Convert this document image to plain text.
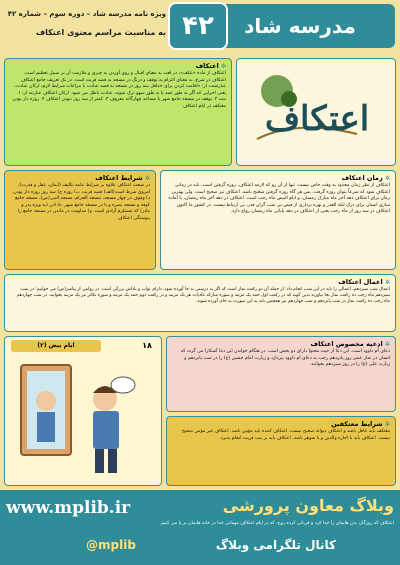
مدرسه شاد
۴۲
ویژه نامه مدرسه شاد – دوره سوم – شماره ۴۲
به مناسبت مراسم معنوی اعتکاف
✲ اعتکاف
اعتکاف از ماده «عکف»، در لغت به معنای اقبال و روی آوردن به چیزی و ملازمت آن بر سبیل تعظیم است. اعتکاف در شرع، به معنای التزام به توقف و درنگ در مسجد به قصد قربت است. در یک تعریف جامع اعتکاف عبارتست از: «اقامت کردن برای حداقل سه روز در مسجد به قصد عبادت با مراعات شرایط لازم، ارکان عبادت، یعنی اجزایی که اگر به طور عمد یا به طور سهو ترک شوند، عبادت باطل می شود. ارکان اعتکاف عبارتند از: ۱. نیت ۲. توقف در مسجد جامع شهر یا مساجد چهارگانه معروف ۳. کمتر از سه روز نبودن اعتکاف ۴. روزه دار بودن معتکف در ایام اعتکاف	اعتکاف
✲ زمان اعتکاف
اعتکاف از نظر زمان محدود به وقت خاص نیست. تنها از آن رو که لازمه اعتکاف، روزه گرفتن است، باید در زمانی اعتکاف شود که شرعاً بتوان روزه گرفت. پس هر گاه روزه گرفتن صحیح باشد، اعتکاف نیز صحیح است. ولی بهترین زمان برای اعتکاف دهه آخر ماه مبارک رمضان، و ایام البیض ماه رجب است. اعتکاف در دهه آخر ماه رمضان، با آماده سازی انسان برای درک لیلة القدر و بهره برداری از فیض بی شب گران قدر، بی ارتباط نیست. در کشور ما اکنون اعتکاف در سه روز از ماه رجب یعنی از اعتکاف در دهه پایانی ماه رمضان رواج دارد.
✲ شرایط اعتکاف
در صحت اعتکاف علاوه بر شرایط عامه تکلیف (ایمان، عقل و قدرت)، امروی شرط است(الف) قصد قربت ب) روزه ج) سه روز روزه دار بودن. د) وقوف در چهار مسجد، مسجد الحرام، مسجد النبی(ص)، مسجد جامع کوفه و مسجد بصره و یا در مسجد جامع شهر. ه) اذن (به ویژه پدر و مادر) که مستلزم آزادی است. و) مداومت در ماندن در مسجد جامع ز) پیوستگی اعتکاف
✲ اعمال اعتکاف
اعمال شب سیزدهم، اعمالی را باید در این شب انجام داد: از جمله آن دو رکعت نماز است که اگر به درستی به جا آورده شود، دارای ثواب و پاداش بزرگی است. در روایتی از پیامبر(ص) می خوانیم: در شب سیزدهم ماه رجب ده رکعت نماز بجا بیاورید بدین گونه که در رکعت اول حمد یک مرتبه و سوره مبارکه عادیات هر یک مرتبه و در رکعت دوم حمد یک مرتبه و سوره تکاثر نیز یک مرتبه بخوانید. در شب چهاردهم ماه رجب ده رکعت نماز در شب پانزدهم و شب چهاردهم نیز همچنین باید به این صورت به جای آورده شوند.
ایام بیض (۲)	۱۸	✲ ادعیه مخصوص اعتکاف
دعای أُم داوود است. این دعا از حیث محتوا دارای دو بخش است. در هنگام خواندن این دعا آشکارا می گردد که انسان در نماز عصر روز پانزدهم رجب به دعای ام داوود بپردازد و زیارت امام حسین (ع) را در شب پانزدهم و زیارت علی (ع) را در روز سیزدهم بخوانند.
✲ شرایط معتکفین
معتکف باید عاقل باشد و اعتکاف دیوانه صحیح نیست. اعتکاف کننده باید مؤمن باشد. اعتکاف غیر مؤمن صحیح نیست. اعتکاف باید با اجازه والدین و یا شوهر باشد. اعتکاف باید بر نیت قربت انجام پذیرد.
www.mplib.ir	وبلاگ معاون پرورشی
اعتکاف که روزگار، بدن هایمان را جدا کرد و قربانی کرده روح، که در ایام اعتکاف مهمانی خدا در خانه هایمان بر پا می کنیم.
@mplib	کانال تلگرامی وبلاگ
